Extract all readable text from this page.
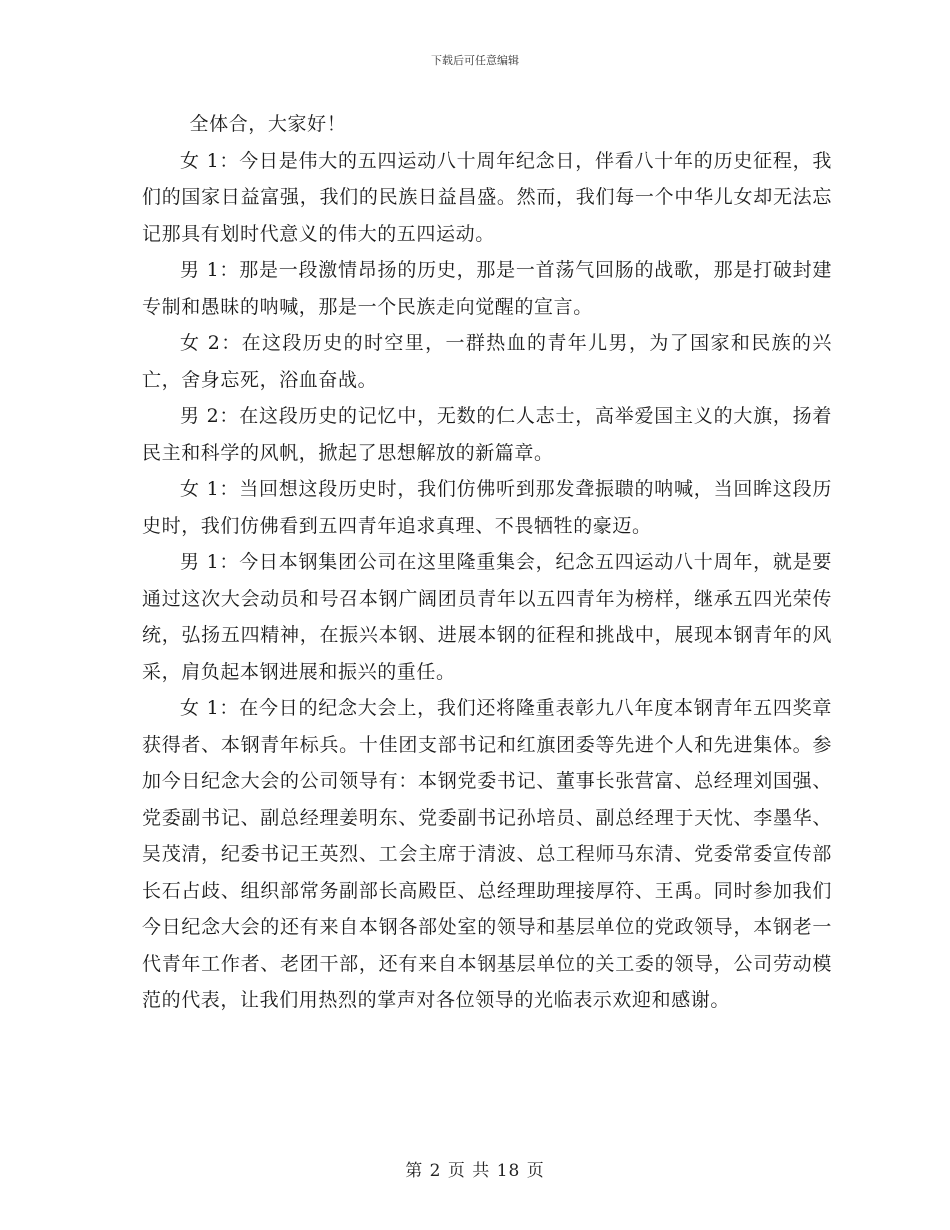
下载后可任意编辑

全体合，大家好！

女 1：今日是伟大的五四运动八十周年纪念日，伴看八十年的历史征程，我们的国家日益富强，我们的民族日益昌盛。然而，我们每一个中华儿女却无法忘记那具有划时代意义的伟大的五四运动。

男 1：那是一段激情昂扬的历史，那是一首荡气回肠的战歌，那是打破封建专制和愚昧的呐喊，那是一个民族走向觉醒的宣言。

女 2：在这段历史的时空里，一群热血的青年儿男，为了国家和民族的兴亡，舍身忘死，浴血奋战。

男 2：在这段历史的记忆中，无数的仁人志士，高举爱国主义的大旗，扬着民主和科学的风帆，掀起了思想解放的新篇章。

女 1：当回想这段历史时，我们仿佛听到那发聋振聩的呐喊，当回眸这段历史时，我们仿佛看到五四青年追求真理、不畏牺牲的豪迈。

男 1：今日本钢集团公司在这里隆重集会，纪念五四运动八十周年，就是要通过这次大会动员和号召本钢广阔团员青年以五四青年为榜样，继承五四光荣传统，弘扬五四精神，在振兴本钢、进展本钢的征程和挑战中，展现本钢青年的风采，肩负起本钢进展和振兴的重任。

女 1：在今日的纪念大会上，我们还将隆重表彰九八年度本钢青年五四奖章获得者、本钢青年标兵。十佳团支部书记和红旗团委等先进个人和先进集体。参加今日纪念大会的公司领导有：本钢党委书记、董事长张营富、总经理刘国强、党委副书记、副总经理姜明东、党委副书记孙培员、副总经理于天忱、李墨华、吴茂清，纪委书记王英烈、工会主席于清波、总工程师马东清、党委常委宣传部长石占歧、组织部常务副部长高殿臣、总经理助理接厚符、王禹。同时参加我们今日纪念大会的还有来自本钢各部处室的领导和基层单位的党政领导，本钢老一代青年工作者、老团干部，还有来自本钢基层单位的关工委的领导，公司劳动模范的代表，让我们用热烈的掌声对各位领导的光临表示欢迎和感谢。

第 2 页 共 18 页
